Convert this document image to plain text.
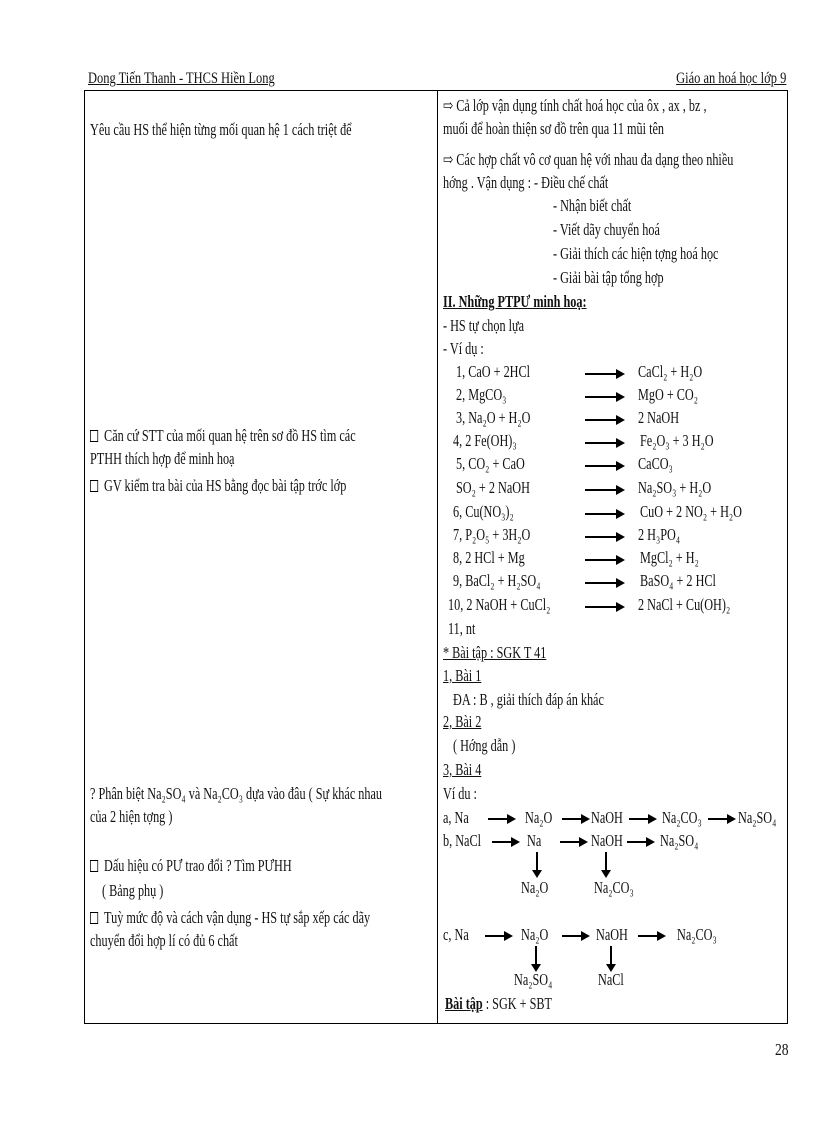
Dong Tiến Thanh - THCS Hiền Long	Giáo an hoá học lớp 9
Yêu cầu HS thể hiện từng mối quan hệ 1 cách triệt để
Căn cứ STT của mối quan hệ trên sơ đồ HS tìm các
PTHH thích hợp để minh hoạ
GV kiểm tra bài của HS bằng đọc bài tập trớc lớp
? Phân biệt Na₂SO₄ và Na₂CO₃ dựa vào đâu ( Sự khác nhau
của 2 hiện tợng )
Dấu hiệu có PƯ trao đổi ? Tìm PƯHH
( Bảng phụ )
Tuỳ mức độ và cách vận dụng - HS tự sắp xếp các dãy
chuyển đổi hợp lí có đủ 6 chất
⇨ Cả lớp vận dụng tính chất hoá học của ôx , ax , bz ,
muối để hoàn thiện sơ đồ trên qua 11 mũi tên
⇨ Các hợp chất vô cơ quan hệ với nhau đa dạng theo nhiều
hớng . Vận dụng : - Điều chế chất
- Nhận biết chất
- Viết dãy chuyển hoá
- Giải thích các hiện tợng hoá học
- Giải bài tập tổng hợp
II. Những PTPƯ minh hoạ:
- HS tự chọn lựa
- Ví dụ :
1, CaO + 2HCl	CaCl₂ + H₂O
2, MgCO₃	MgO + CO₂
3, Na₂O + H₂O	2 NaOH
4, 2 Fe(OH)₃	Fe₂O₃ + 3 H₂O
5, CO₂ + CaO	CaCO₃
SO₂ + 2 NaOH	Na₂SO₃ + H₂O
6, Cu(NO₃)₂	CuO + 2 NO₂ + H₂O
7, P₂O₅ + 3H₂O	2 H₃PO₄
8, 2 HCl + Mg	MgCl₂ + H₂
9, BaCl₂ + H₂SO₄	BaSO₄ + 2 HCl
10, 2 NaOH + CuCl₂	2 NaCl + Cu(OH)₂
11, nt
* Bài tập : SGK T 41
1, Bài 1
ĐA : B , giải thích đáp án khác
2, Bài 2
( Hớng dẫn )
3, Bài 4
Ví du :
a, Na	Na₂O NaOH Na₂CO₃ Na₂SO₄
b, NaCl	Na	NaOH Na₂SO₄
Na₂O	Na₂CO₃
c, Na	Na₂O	NaOH	Na₂CO₃
Na₂SO₄	NaCl
Bài tập : SGK + SBT
28
